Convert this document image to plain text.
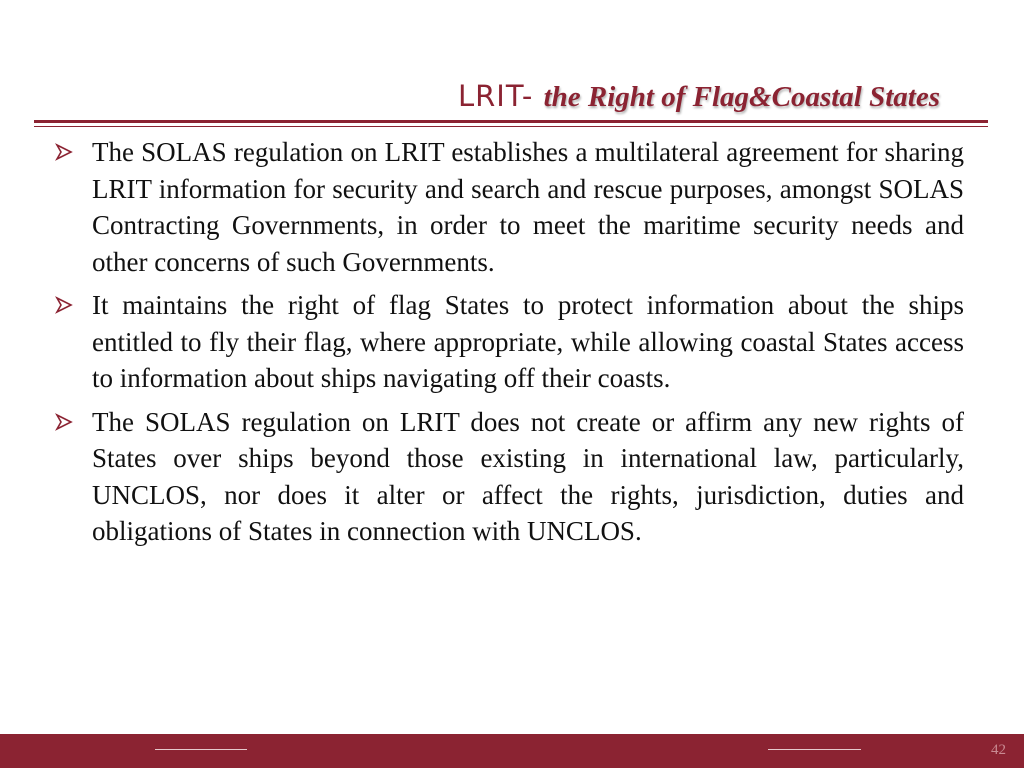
LRIT- the Right of Flag&Coastal States
The SOLAS regulation on LRIT establishes a multilateral agreement for sharing LRIT information for security and search and rescue purposes, amongst SOLAS Contracting Governments, in order to meet the maritime security needs and other concerns of such Governments.
It maintains the right of flag States to protect information about the ships entitled to fly their flag, where appropriate, while allowing coastal States access to information about ships navigating off their coasts.
The SOLAS regulation on LRIT does not create or affirm any new rights of States over ships beyond those existing in international law, particularly, UNCLOS, nor does it alter or affect the rights, jurisdiction, duties and obligations of States in connection with UNCLOS.
42
